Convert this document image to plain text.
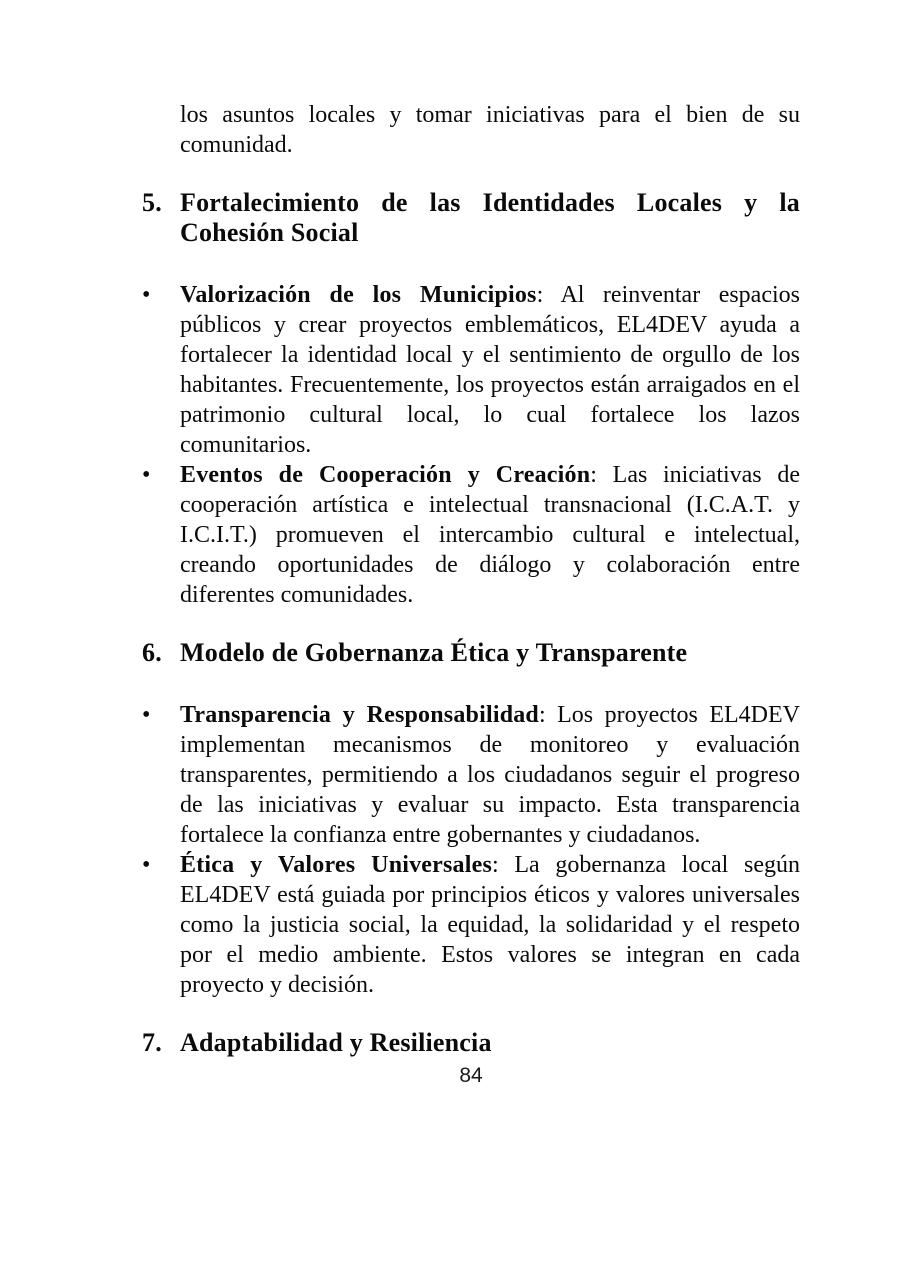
los asuntos locales y tomar iniciativas para el bien de su comunidad.

5. Fortalecimiento de las Identidades Locales y la Cohesión Social
•	Valorización de los Municipios: Al reinventar espacios públicos y crear proyectos emblemáticos, EL4DEV ayuda a fortalecer la identidad local y el sentimiento de orgullo de los habitantes. Frecuentemente, los proyectos están arraigados en el patrimonio cultural local, lo cual fortalece los lazos comunitarios.
•	Eventos de Cooperación y Creación: Las iniciativas de cooperación artística e intelectual transnacional (I.C.A.T. y I.C.I.T.) promueven el intercambio cultural e intelectual, creando oportunidades de diálogo y colaboración entre diferentes comunidades.
6. Modelo de Gobernanza Ética y Transparente
•	Transparencia y Responsabilidad: Los proyectos EL4DEV implementan mecanismos de monitoreo y evaluación transparentes, permitiendo a los ciudadanos seguir el progreso de las iniciativas y evaluar su impacto. Esta transparencia fortalece la confianza entre gobernantes y ciudadanos.
•	Ética y Valores Universales: La gobernanza local según EL4DEV está guiada por principios éticos y valores universales como la justicia social, la equidad, la solidaridad y el respeto por el medio ambiente. Estos valores se integran en cada proyecto y decisión.
7. Adaptabilidad y Resiliencia
84
